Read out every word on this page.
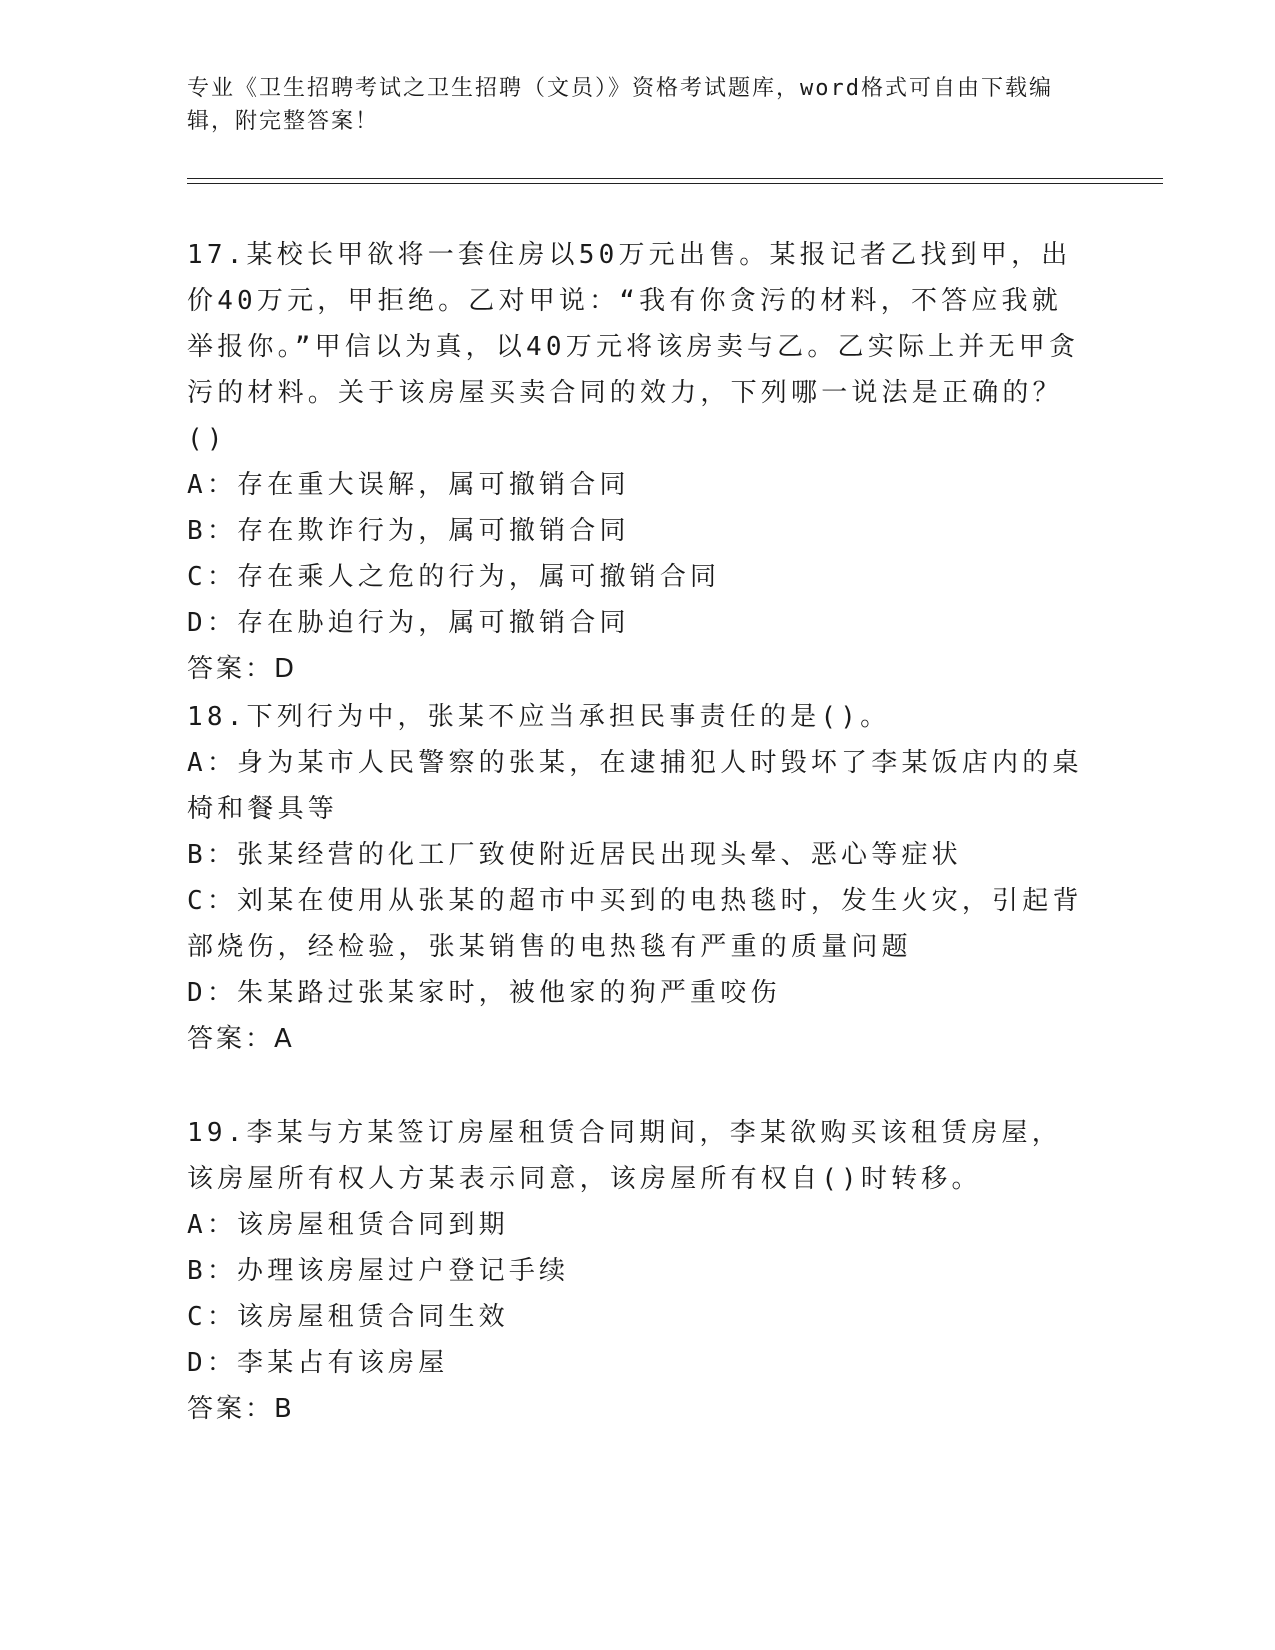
专业《卫生招聘考试之卫生招聘（文员）》资格考试题库，word格式可自由下载编辑，附完整答案！

17.某校长甲欲将一套住房以50万元出售。某报记者乙找到甲，出价40万元，甲拒绝。乙对甲说：“我有你贪污的材料，不答应我就举报你。”甲信以为真，以40万元将该房卖与乙。乙实际上并无甲贪污的材料。关于该房屋买卖合同的效力，下列哪一说法是正确的？()

A：存在重大误解，属可撤销合同

B：存在欺诈行为，属可撤销合同

C：存在乘人之危的行为，属可撤销合同

D：存在胁迫行为，属可撤销合同

答案：D

18.下列行为中，张某不应当承担民事责任的是()。

A：身为某市人民警察的张某，在逮捕犯人时毁坏了李某饭店内的桌椅和餐具等

B：张某经营的化工厂致使附近居民出现头晕、恶心等症状

C：刘某在使用从张某的超市中买到的电热毯时，发生火灾，引起背部烧伤，经检验，张某销售的电热毯有严重的质量问题

D：朱某路过张某家时，被他家的狗严重咬伤

答案：A

19.李某与方某签订房屋租赁合同期间，李某欲购买该租赁房屋，该房屋所有权人方某表示同意，该房屋所有权自()时转移。

A：该房屋租赁合同到期

B：办理该房屋过户登记手续

C：该房屋租赁合同生效

D：李某占有该房屋

答案：B
